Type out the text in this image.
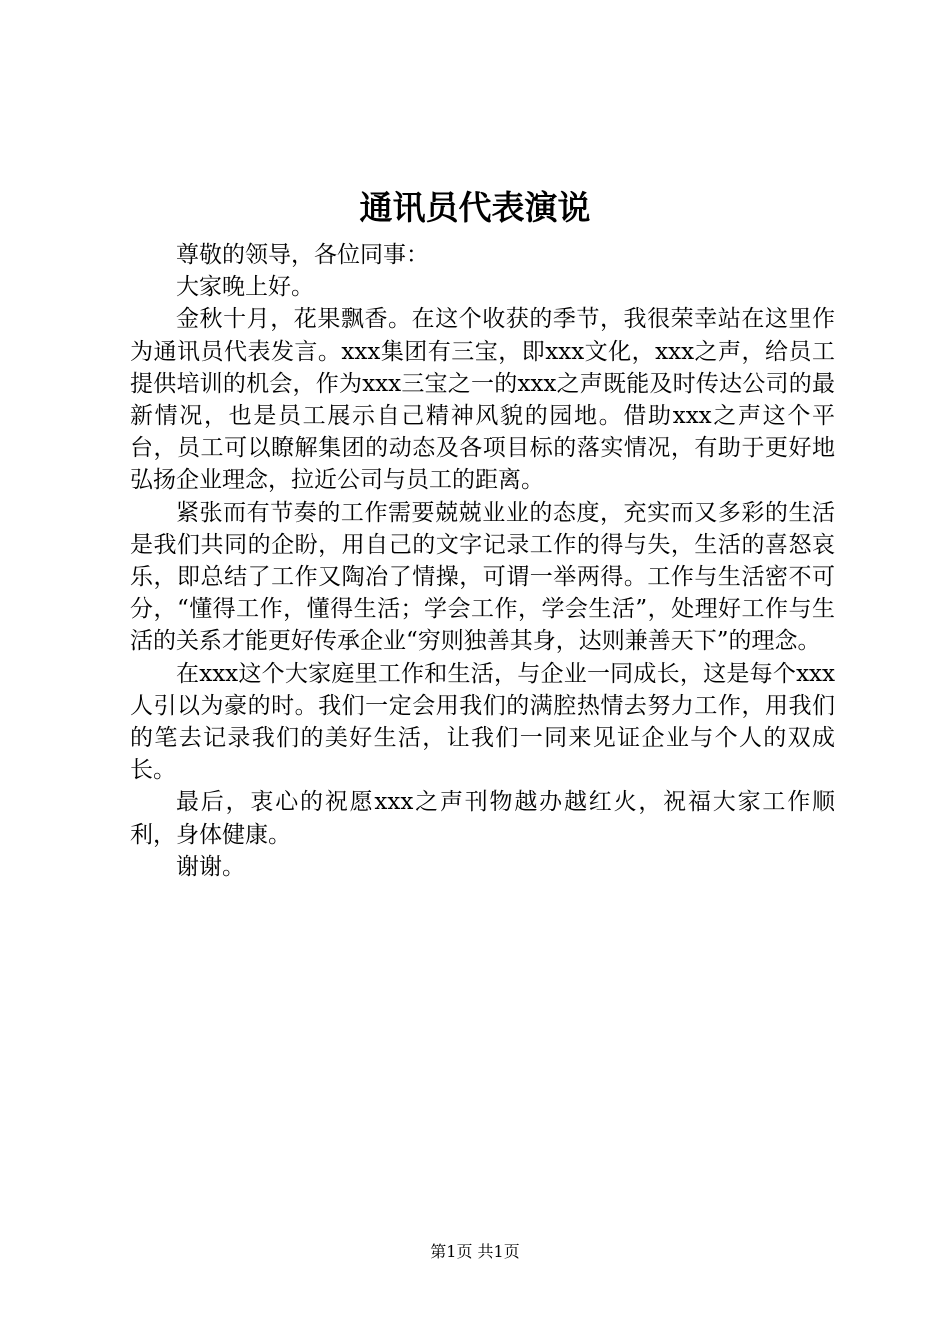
通讯员代表演说

尊敬的领导，各位同事：

大家晚上好。

金秋十月，花果飘香。在这个收获的季节，我很荣幸站在这里作为通讯员代表发言。xxx集团有三宝，即xxx文化，xxx之声，给员工提供培训的机会，作为xxx三宝之一的xxx之声既能及时传达公司的最新情况，也是员工展示自己精神风貌的园地。借助xxx之声这个平台，员工可以瞭解集团的动态及各项目标的落实情况，有助于更好地弘扬企业理念，拉近公司与员工的距离。

紧张而有节奏的工作需要兢兢业业的态度，充实而又多彩的生活是我们共同的企盼，用自己的文字记录工作的得与失，生活的喜怒哀乐，即总结了工作又陶冶了情操，可谓一举两得。工作与生活密不可分，“懂得工作，懂得生活；学会工作，学会生活”，处理好工作与生活的关系才能更好传承企业“穷则独善其身，达则兼善天下”的理念。

在xxx这个大家庭里工作和生活，与企业一同成长，这是每个xxx人引以为豪的时。我们一定会用我们的满腔热情去努力工作，用我们的笔去记录我们的美好生活，让我们一同来见证企业与个人的双成长。

最后，衷心的祝愿xxx之声刊物越办越红火，祝福大家工作顺利，身体健康。

谢谢。

第1页 共1页
